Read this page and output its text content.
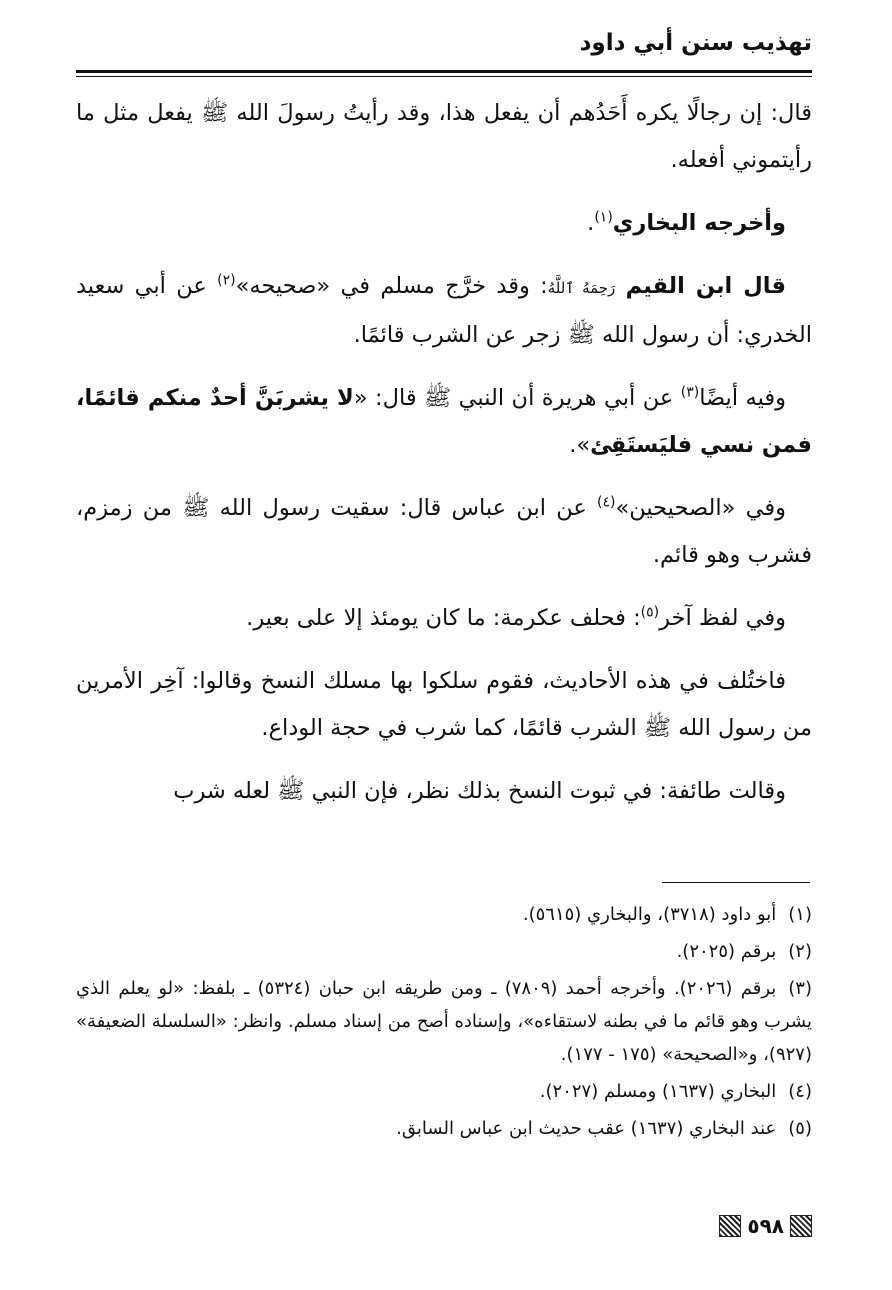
تهذيب سنن أبي داود

قال: إن رجالًا يكره أَحَدُهم أن يفعل هذا، وقد رأيتُ رسولَ الله ﷺ يفعل مثل ما رأيتموني أفعله.

وأخرجه البخاري$^{(١)}$.

قال ابن القيم رَحِمَهُ ٱللَّهُ: وقد خرَّج مسلم في «صحيحه»$^{(٢)}$ عن أبي سعيد الخدري: أن رسول الله ﷺ زجر عن الشرب قائمًا.

وفيه أيضًا$^{(٣)}$ عن أبي هريرة أن النبي ﷺ قال: «لا يشربَنَّ أحدٌ منكم قائمًا، فمن نسي فليَستَقِئ».

وفي «الصحيحين»$^{(٤)}$ عن ابن عباس قال: سقيت رسول الله ﷺ من زمزم، فشرب وهو قائم.

وفي لفظ آخر$^{(٥)}$: فحلف عكرمة: ما كان يومئذ إلا على بعير.

فاختُلف في هذه الأحاديث، فقوم سلكوا بها مسلك النسخ وقالوا: آخِر الأمرين من رسول الله ﷺ الشرب قائمًا، كما شرب في حجة الوداع.

وقالت طائفة: في ثبوت النسخ بذلك نظر، فإن النبي ﷺ لعله شرب

(١)أبو داود (٣٧١٨)، والبخاري (٥٦١٥).

(٢)برقم (٢٠٢٥).

(٣)برقم (٢٠٢٦). وأخرجه أحمد (٧٨٠٩) ـ ومن طريقه ابن حبان (٥٣٢٤) ـ بلفظ: «لو يعلم الذي يشرب وهو قائم ما في بطنه لاستقاءه»، وإسناده أصح من إسناد مسلم. وانظر: «السلسلة الضعيفة» (٩٢٧)، و«الصحيحة» (١٧٥ - ١٧٧).

(٤)البخاري (١٦٣٧) ومسلم (٢٠٢٧).

(٥)عند البخاري (١٦٣٧) عقب حديث ابن عباس السابق.

٥٩٨
